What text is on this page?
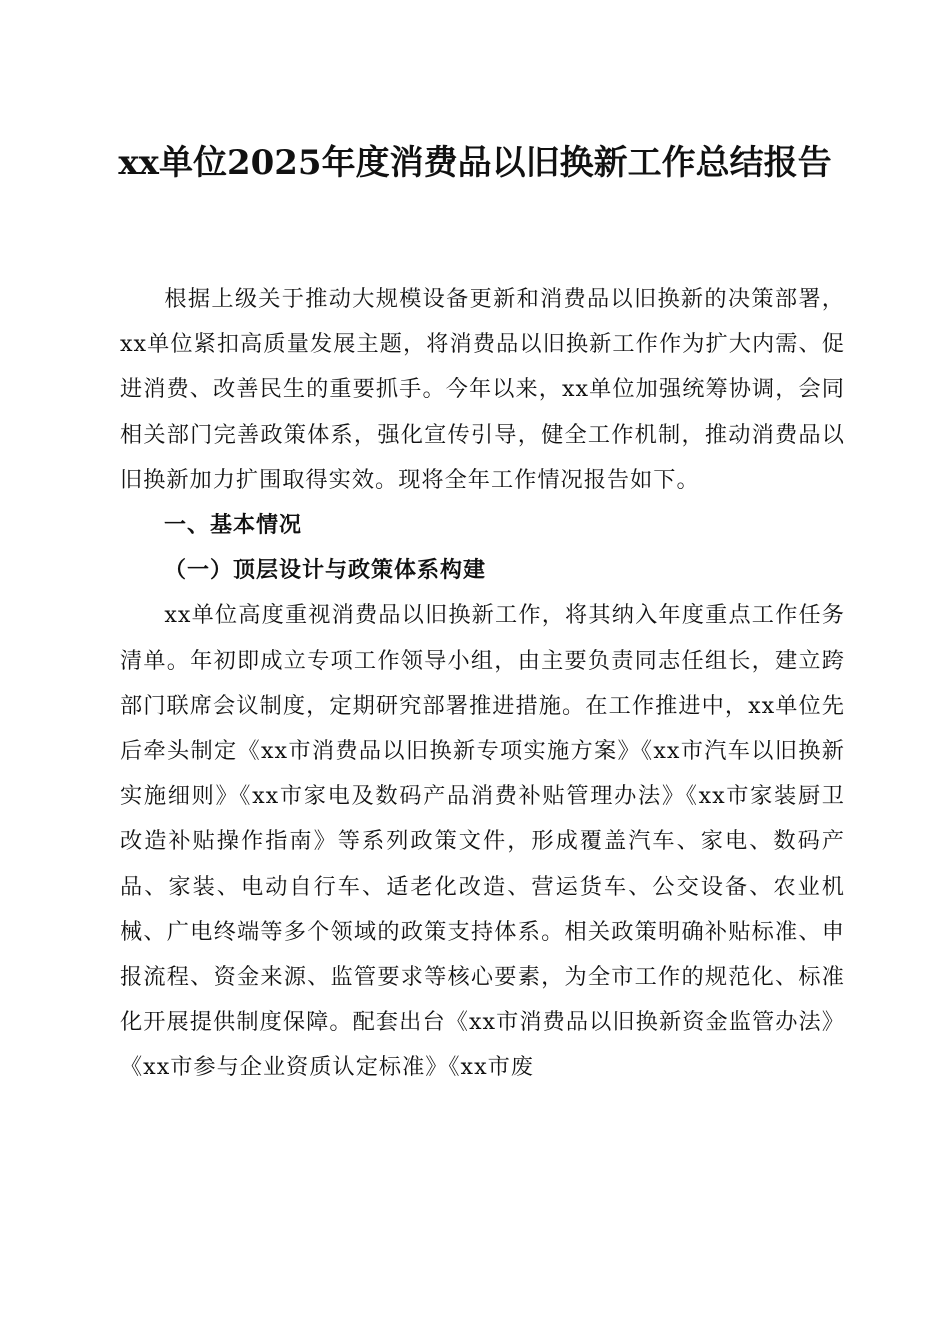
xx单位2025年度消费品以旧换新工作总结报告

根据上级关于推动大规模设备更新和消费品以旧换新的决策部署，xx单位紧扣高质量发展主题，将消费品以旧换新工作作为扩大内需、促进消费、改善民生的重要抓手。今年以来，xx单位加强统筹协调，会同相关部门完善政策体系，强化宣传引导，健全工作机制，推动消费品以旧换新加力扩围取得实效。现将全年工作情况报告如下。

一、基本情况

（一）顶层设计与政策体系构建

xx单位高度重视消费品以旧换新工作，将其纳入年度重点工作任务清单。年初即成立专项工作领导小组，由主要负责同志任组长，建立跨部门联席会议制度，定期研究部署推进措施。在工作推进中，xx单位先后牵头制定《xx市消费品以旧换新专项实施方案》《xx市汽车以旧换新实施细则》《xx市家电及数码产品消费补贴管理办法》《xx市家装厨卫改造补贴操作指南》等系列政策文件，形成覆盖汽车、家电、数码产品、家装、电动自行车、适老化改造、营运货车、公交设备、农业机械、广电终端等多个领域的政策支持体系。相关政策明确补贴标准、申报流程、资金来源、监管要求等核心要素，为全市工作的规范化、标准化开展提供制度保障。配套出台《xx市消费品以旧换新资金监管办法》《xx市参与企业资质认定标准》《xx市废
